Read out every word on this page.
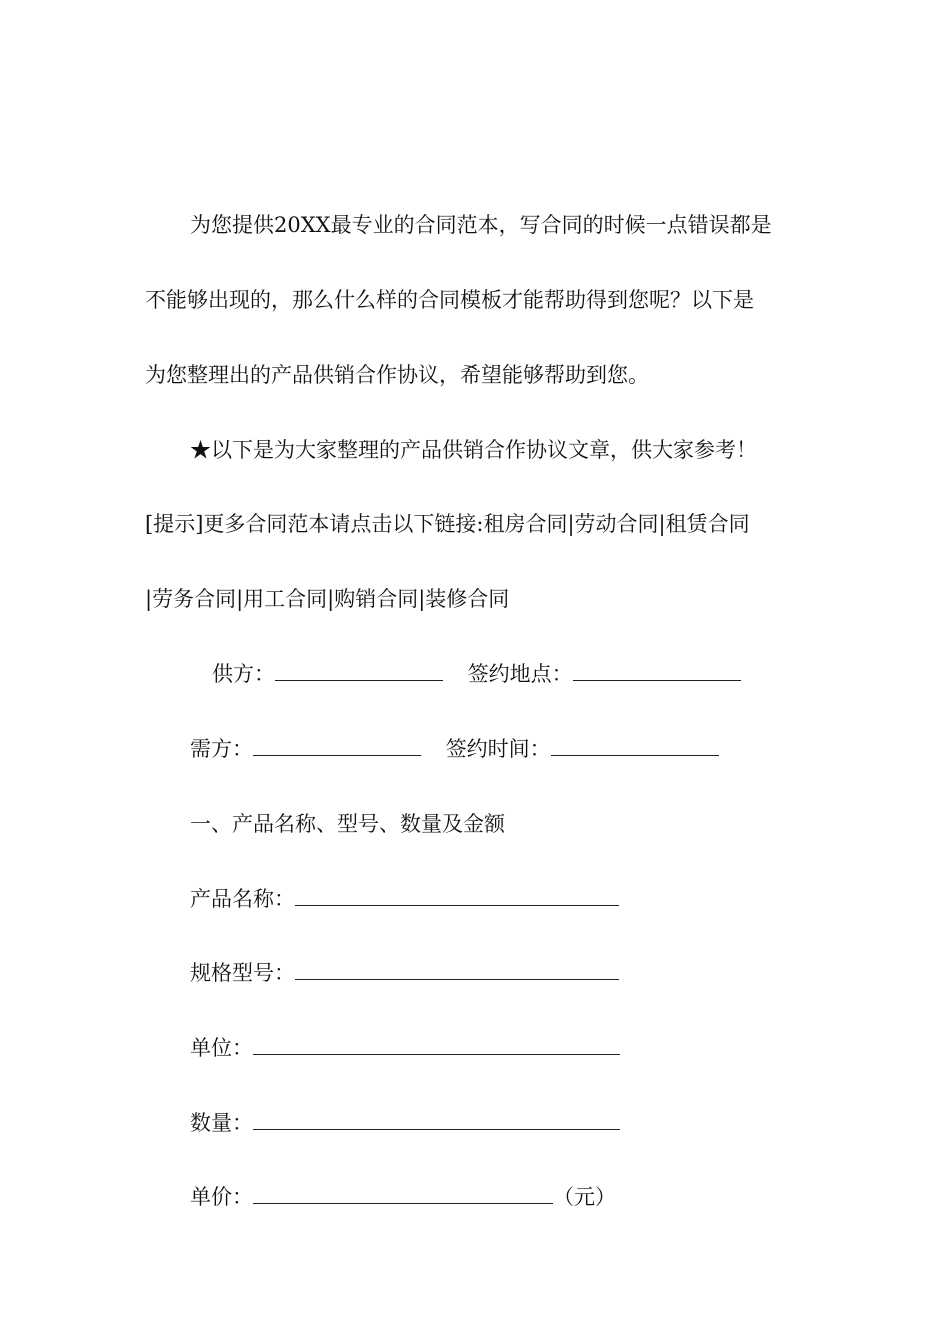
为您提供20XX最专业的合同范本，写合同的时候一点错误都是
不能够出现的，那么什么样的合同模板才能帮助得到您呢？以下是
为您整理出的产品供销合作协议，希望能够帮助到您。
★以下是为大家整理的产品供销合作协议文章，供大家参考！
[提示]更多合同范本请点击以下链接:租房合同|劳动合同|租赁合同
|劳务合同|用工合同|购销合同|装修合同
供方：	签约地点：
需方：	签约时间：
一、产品名称、型号、数量及金额
产品名称：
规格型号：
单位：
数量：
单价：	（元）
